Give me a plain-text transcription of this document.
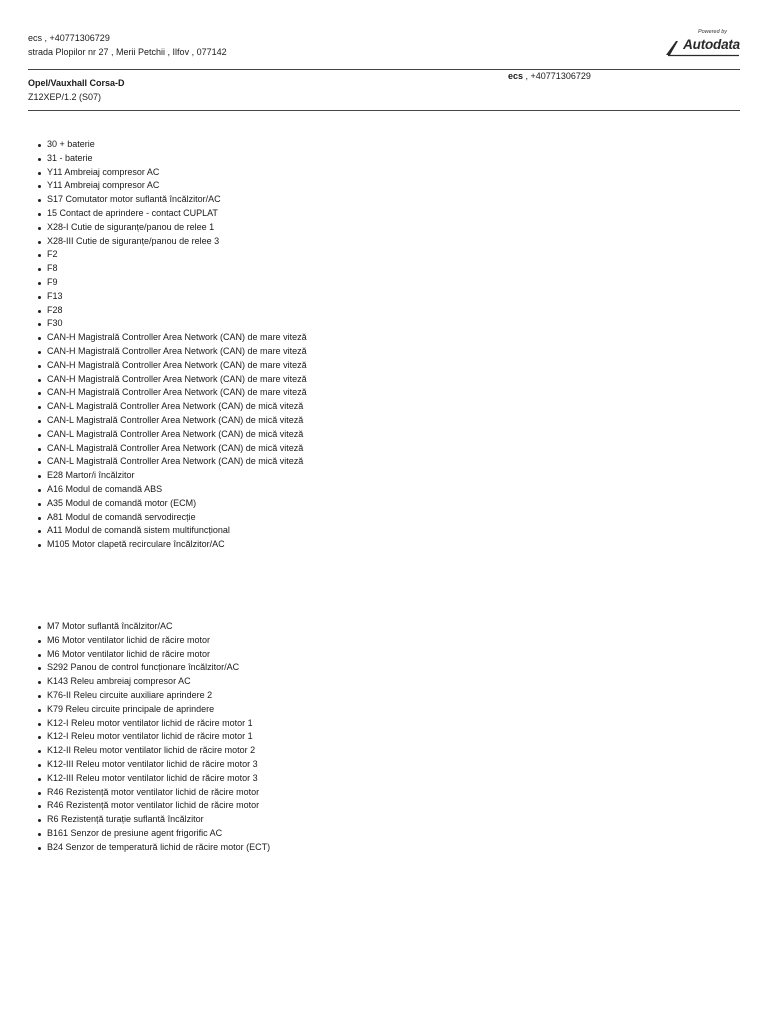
ecs , +40771306729
strada Plopilor nr 27 , Merii Petchii , Ilfov , 077142
Powered by
Autodata
Opel/Vauxhall Corsa-D
Z12XEP/1.2 (S07)
ecs , +40771306729
30 + baterie
31 - baterie
Y11 Ambreiaj compresor AC
Y11 Ambreiaj compresor AC
S17 Comutator motor suflantă încălzitor/AC
15 Contact de aprindere - contact CUPLAT
X28-I Cutie de siguranțe/panou de relee 1
X28-III Cutie de siguranțe/panou de relee 3
F2
F8
F9
F13
F28
F30
CAN-H Magistrală Controller Area Network (CAN) de mare viteză
CAN-H Magistrală Controller Area Network (CAN) de mare viteză
CAN-H Magistrală Controller Area Network (CAN) de mare viteză
CAN-H Magistrală Controller Area Network (CAN) de mare viteză
CAN-H Magistrală Controller Area Network (CAN) de mare viteză
CAN-L Magistrală Controller Area Network (CAN) de mică viteză
CAN-L Magistrală Controller Area Network (CAN) de mică viteză
CAN-L Magistrală Controller Area Network (CAN) de mică viteză
CAN-L Magistrală Controller Area Network (CAN) de mică viteză
CAN-L Magistrală Controller Area Network (CAN) de mică viteză
E28 Martor/i încălzitor
A16 Modul de comandă ABS
A35 Modul de comandă motor (ECM)
A81 Modul de comandă servodirecție
A11 Modul de comandă sistem multifuncțional
M105 Motor clapetă recirculare încălzitor/AC
M7 Motor suflantă încălzitor/AC
M6 Motor ventilator lichid de răcire motor
M6 Motor ventilator lichid de răcire motor
S292 Panou de control funcționare încălzitor/AC
K143 Releu ambreiaj compresor AC
K76-II Releu circuite auxiliare aprindere 2
K79 Releu circuite principale de aprindere
K12-I Releu motor ventilator lichid de răcire motor 1
K12-I Releu motor ventilator lichid de răcire motor 1
K12-II Releu motor ventilator lichid de răcire motor 2
K12-III Releu motor ventilator lichid de răcire motor 3
K12-III Releu motor ventilator lichid de răcire motor 3
R46 Rezistență motor ventilator lichid de răcire motor
R46 Rezistență motor ventilator lichid de răcire motor
R6 Rezistență turație suflantă încălzitor
B161 Senzor de presiune agent frigorific AC
B24 Senzor de temperatură lichid de răcire motor (ECT)
